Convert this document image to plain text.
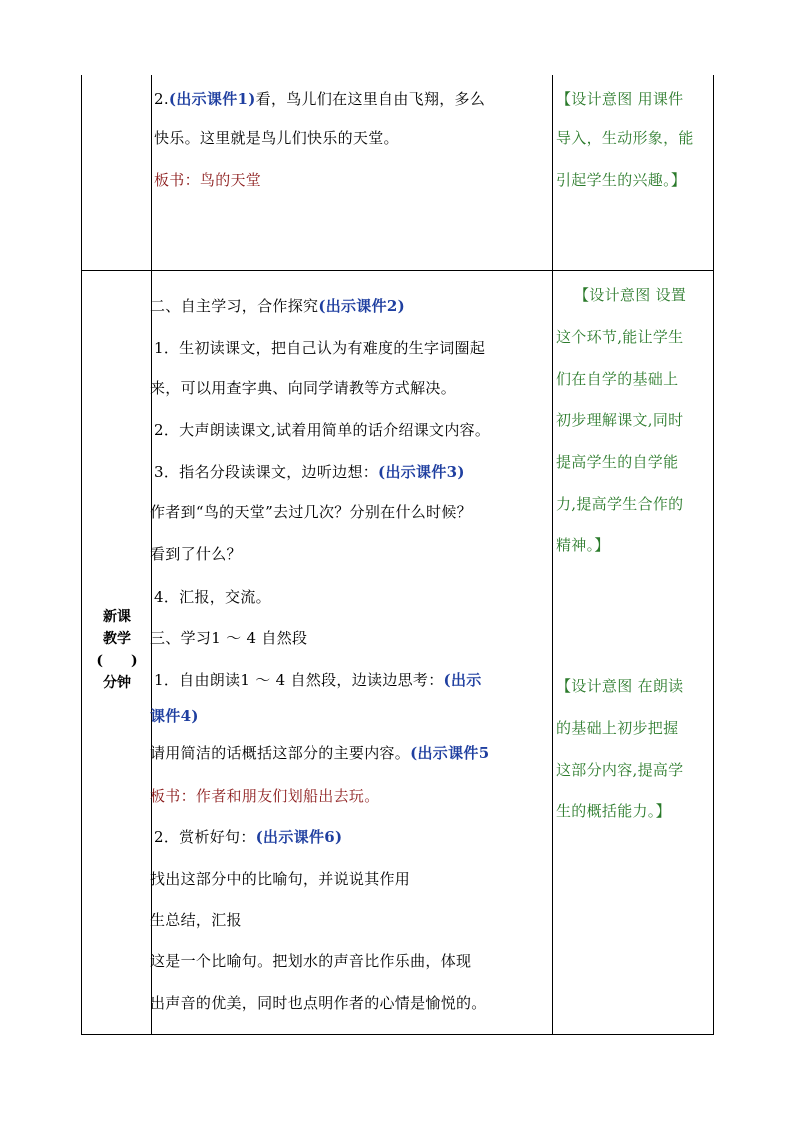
2.(出示课件1)看，鸟儿们在这里自由飞翔，多么
快乐。这里就是鸟儿们快乐的天堂。
板书：鸟的天堂
【设计意图 用课件
导入，生动形象，能
引起学生的兴趣。】
新课
教学
(　　)
分钟
二、自主学习，合作探究(出示课件2)
1．生初读课文，把自己认为有难度的生字词圈起
来，可以用查字典、向同学请教等方式解决。
2．大声朗读课文,试着用简单的话介绍课文内容。
3．指名分段读课文，边听边想：(出示课件3)
作者到“鸟的天堂”去过几次？分别在什么时候？
看到了什么？
4．汇报，交流。
三、学习1 ～ 4 自然段
1．自由朗读1 ～ 4 自然段，边读边思考：(出示
课件4)
请用简洁的话概括这部分的主要内容。(出示课件5
板书：作者和朋友们划船出去玩。
2．赏析好句：(出示课件6)
找出这部分中的比喻句，并说说其作用
生总结，汇报
这是一个比喻句。把划水的声音比作乐曲，体现
出声音的优美，同时也点明作者的心情是愉悦的。
【设计意图 设置
这个环节,能让学生
们在自学的基础上
初步理解课文,同时
提高学生的自学能
力,提高学生合作的
精神。】
【设计意图 在朗读
的基础上初步把握
这部分内容,提高学
生的概括能力。】
